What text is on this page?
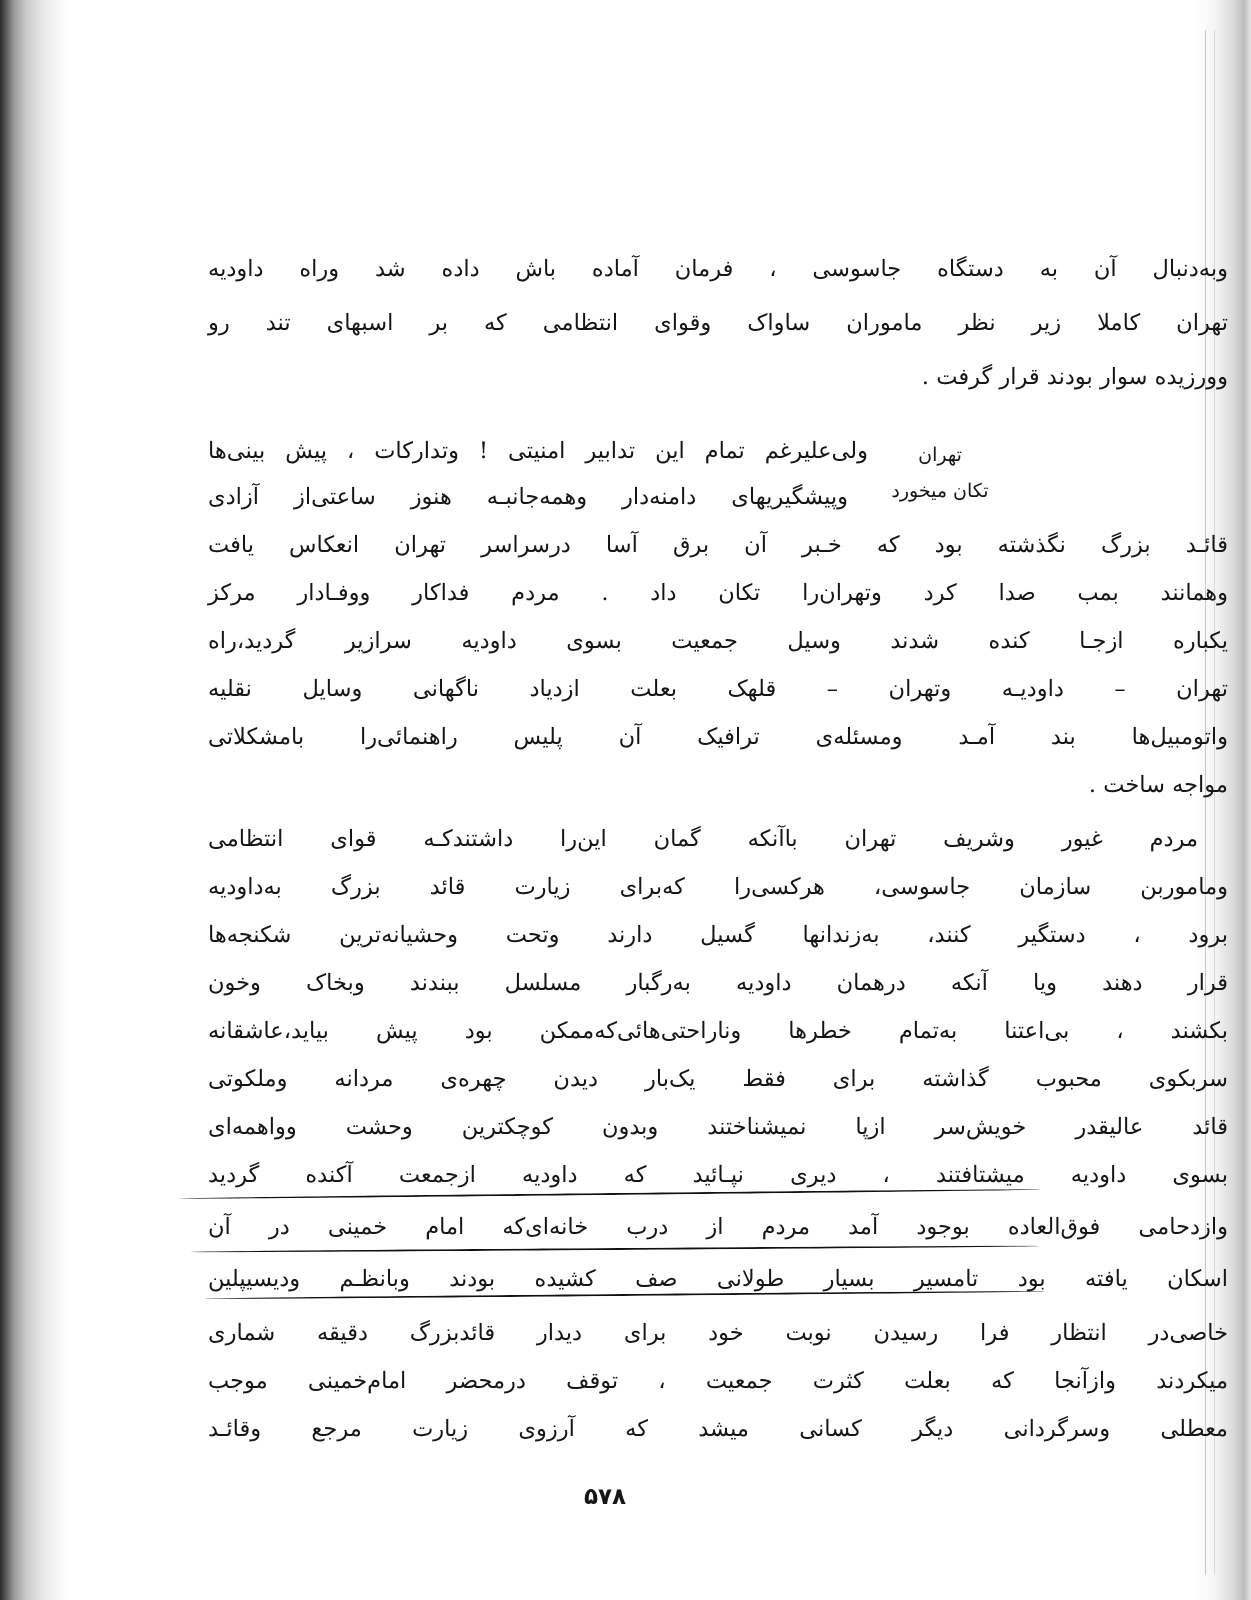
وبه‌دنبال آن به دستگاه جاسوسی ، فرمان آماده باش داده شد وراه داودیه
تهران کاملا زیر نظر ماموران ساواک وقوای انتظامی که بر اسبهای تند رو
وورزیده سوار بودند قرار گرفت .
تهران
تکان میخورد
ولی‌علیرغم تمام این تدابیر امنیتی ! وتدارکات ، پیش بینی‌ها
وپیشگیریهای دامنه‌دار وهمه‌جانبـه هنوز ساعتی‌از آزادی
قائـد بزرگ نگذشته بود که خـبر آن برق آسا درسراسر تهران انعکاس یافت
وهمانند بمب صدا کرد وتهران‌را تکان داد . مردم فداکار ووفـادار مرکز
یکباره ازجـا کنده شدند وسیل جمعیت بسوی داودیه سرازیر گردید،راه
تهران – داودیـه وتهران – قلهک بعلت ازدیاد ناگهانی وسایل نقلیه
واتومبیل‌ها بند آمـد ومسئله‌ی ترافیک آن پلیس راهنمائی‌را بامشکلاتی
مواجه ساخت .
مردم غیور وشریف تهران باآنکه گمان این‌را داشتندکـه قوای انتظامی
وماموربن سازمان جاسوسی، هرکسی‌را که‌برای زیارت قائد بزرگ به‌داودیه
برود ، دستگیر کنند، به‌زندانها گسیل دارند وتحت وحشیانه‌ترین شکنجه‌ها
قرار دهند ویا آنکه درهمان داودیه به‌رگبار مسلسل ببندند وبخاک وخون
بکشند ، بی‌اعتنا به‌تمام خطرها وناراحتی‌هائی‌که‌ممکن بود پیش بیاید،عاشقانه
سربکوی محبوب گذاشته برای فقط یک‌بار دیدن چهره‌ی مردانه وملکوتی
قائد عالیقدر خویش‌سر ازپا نمیشناختند وبدون کوچکترین وحشت وواهمه‌ای
بسوی داودیه میشتافتند ، دیری نپـائید که داودیه ازجمعت آکنده گردید
وازدحامی فوق‌العاده بوجود آمد مردم از درب خانه‌ای‌که امام خمینی در آن
اسکان یافته بود تامسیر بسیار طولانی صف کشیده بودند وبانظـم ودیسیپلین
خاصی‌در انتظار فرا رسیدن نوبت خود برای دیدار قائدبزرگ دقیقه شماری
میکردند وازآنجا که بعلت کثرت جمعیت ، توقف درمحضر امام‌خمینی موجب
معطلی وسرگردانی دیگر کسانی میشد که آرزوی زیارت مرجع وقائـد
۵۷۸
